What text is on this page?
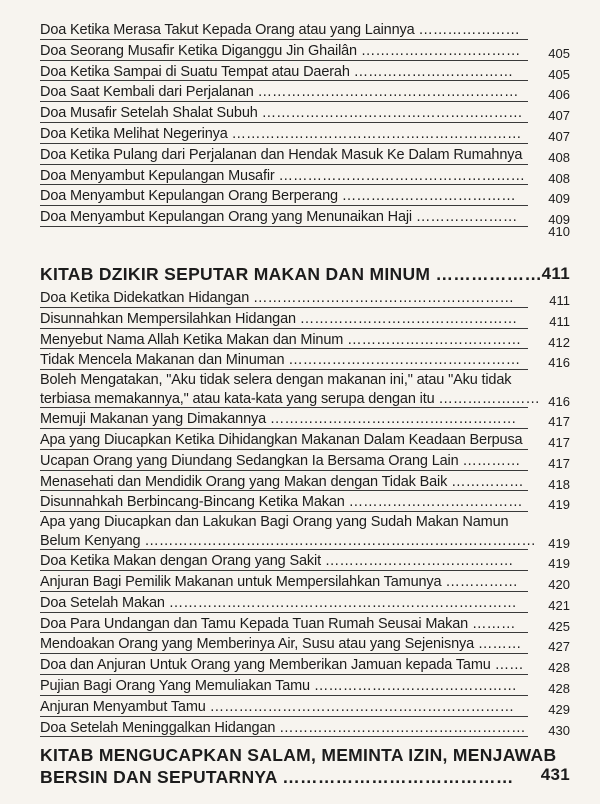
Doa Ketika Merasa Takut Kepada Orang atau yang Lainnya …………………
Doa Seorang Musafir Ketika Diganggu Jin Ghailân …………………………… 405
Doa Ketika Sampai di Suatu Tempat atau Daerah ……………………………	405
Doa Saat Kembali dari Perjalanan ……………………………………………… 406
Doa Musafir Setelah Shalat Subuh ……………………………………………… 407
Doa Ketika Melihat Negerinya …………………………………………………… 407
Doa Ketika Pulang dari Perjalanan dan Hendak Masuk Ke Dalam Rumahnya 408
Doa Menyambut Kepulangan Musafir …………………………………………… 408
Doa Menyambut Kepulangan Orang Berperang ………………………………	409
Doa Menyambut Kepulangan Orang yang Menunaikan Haji ………………… 409
410
KITAB DZIKIR SEPUTAR MAKAN DAN MINUM ……………… 411
Doa Ketika Didekatkan Hidangan ………………………………………………	411
Disunnahkan Mempersilahkan Hidangan ……………………………………… 411
Menyebut Nama Allah Ketika Makan dan Minum ……………………………… 412
Tidak Mencela Makanan dan Minuman ………………………………………… 416
Boleh Mengatakan, "Aku tidak selera dengan makanan ini," atau "Aku tidak terbiasa memakannya," atau kata-kata yang serupa dengan itu ………………… 416
Memuji Makanan yang Dimakannya …………………………………………… 417
Apa yang Diucapkan Ketika Dihidangkan Makanan Dalam Keadaan Berpusa 417
Ucapan Orang yang Diundang Sedangkan Ia Bersama Orang Lain ………… 417
Menasehati dan Mendidik Orang yang Makan dengan Tidak Baik …………… 418
Disunnahkah Berbincang-Bincang Ketika Makan ……………………………… 419
Apa yang Diucapkan dan Lakukan Bagi Orang yang Sudah Makan Namun Belum Kenyang ……………………………………………………………………… 419
Doa Ketika Makan dengan Orang yang Sakit …………………………………	419
Anjuran Bagi Pemilik Makanan untuk Mempersilahkan Tamunya …………… 420
Doa Setelah Makan ……………………………………………………………… 421
Doa Para Undangan dan Tamu Kepada Tuan Rumah Seusai Makan ………	425
Mendoakan Orang yang Memberinya Air, Susu atau yang Sejenisnya ……… 427
Doa dan Anjuran Untuk Orang yang Memberikan Jamuan kepada Tamu …… 428
Pujian Bagi Orang Yang Memuliakan Tamu …………………………………… 428
Anjuran Menyambut Tamu ………………………………………………………	429
Doa Setelah Meninggalkan Hidangan …………………………………………… 430
KITAB MENGUCAPKAN SALAM, MEMINTA IZIN, MENJAWAB
BERSIN DAN SEPUTARNYA …………………………………	431
